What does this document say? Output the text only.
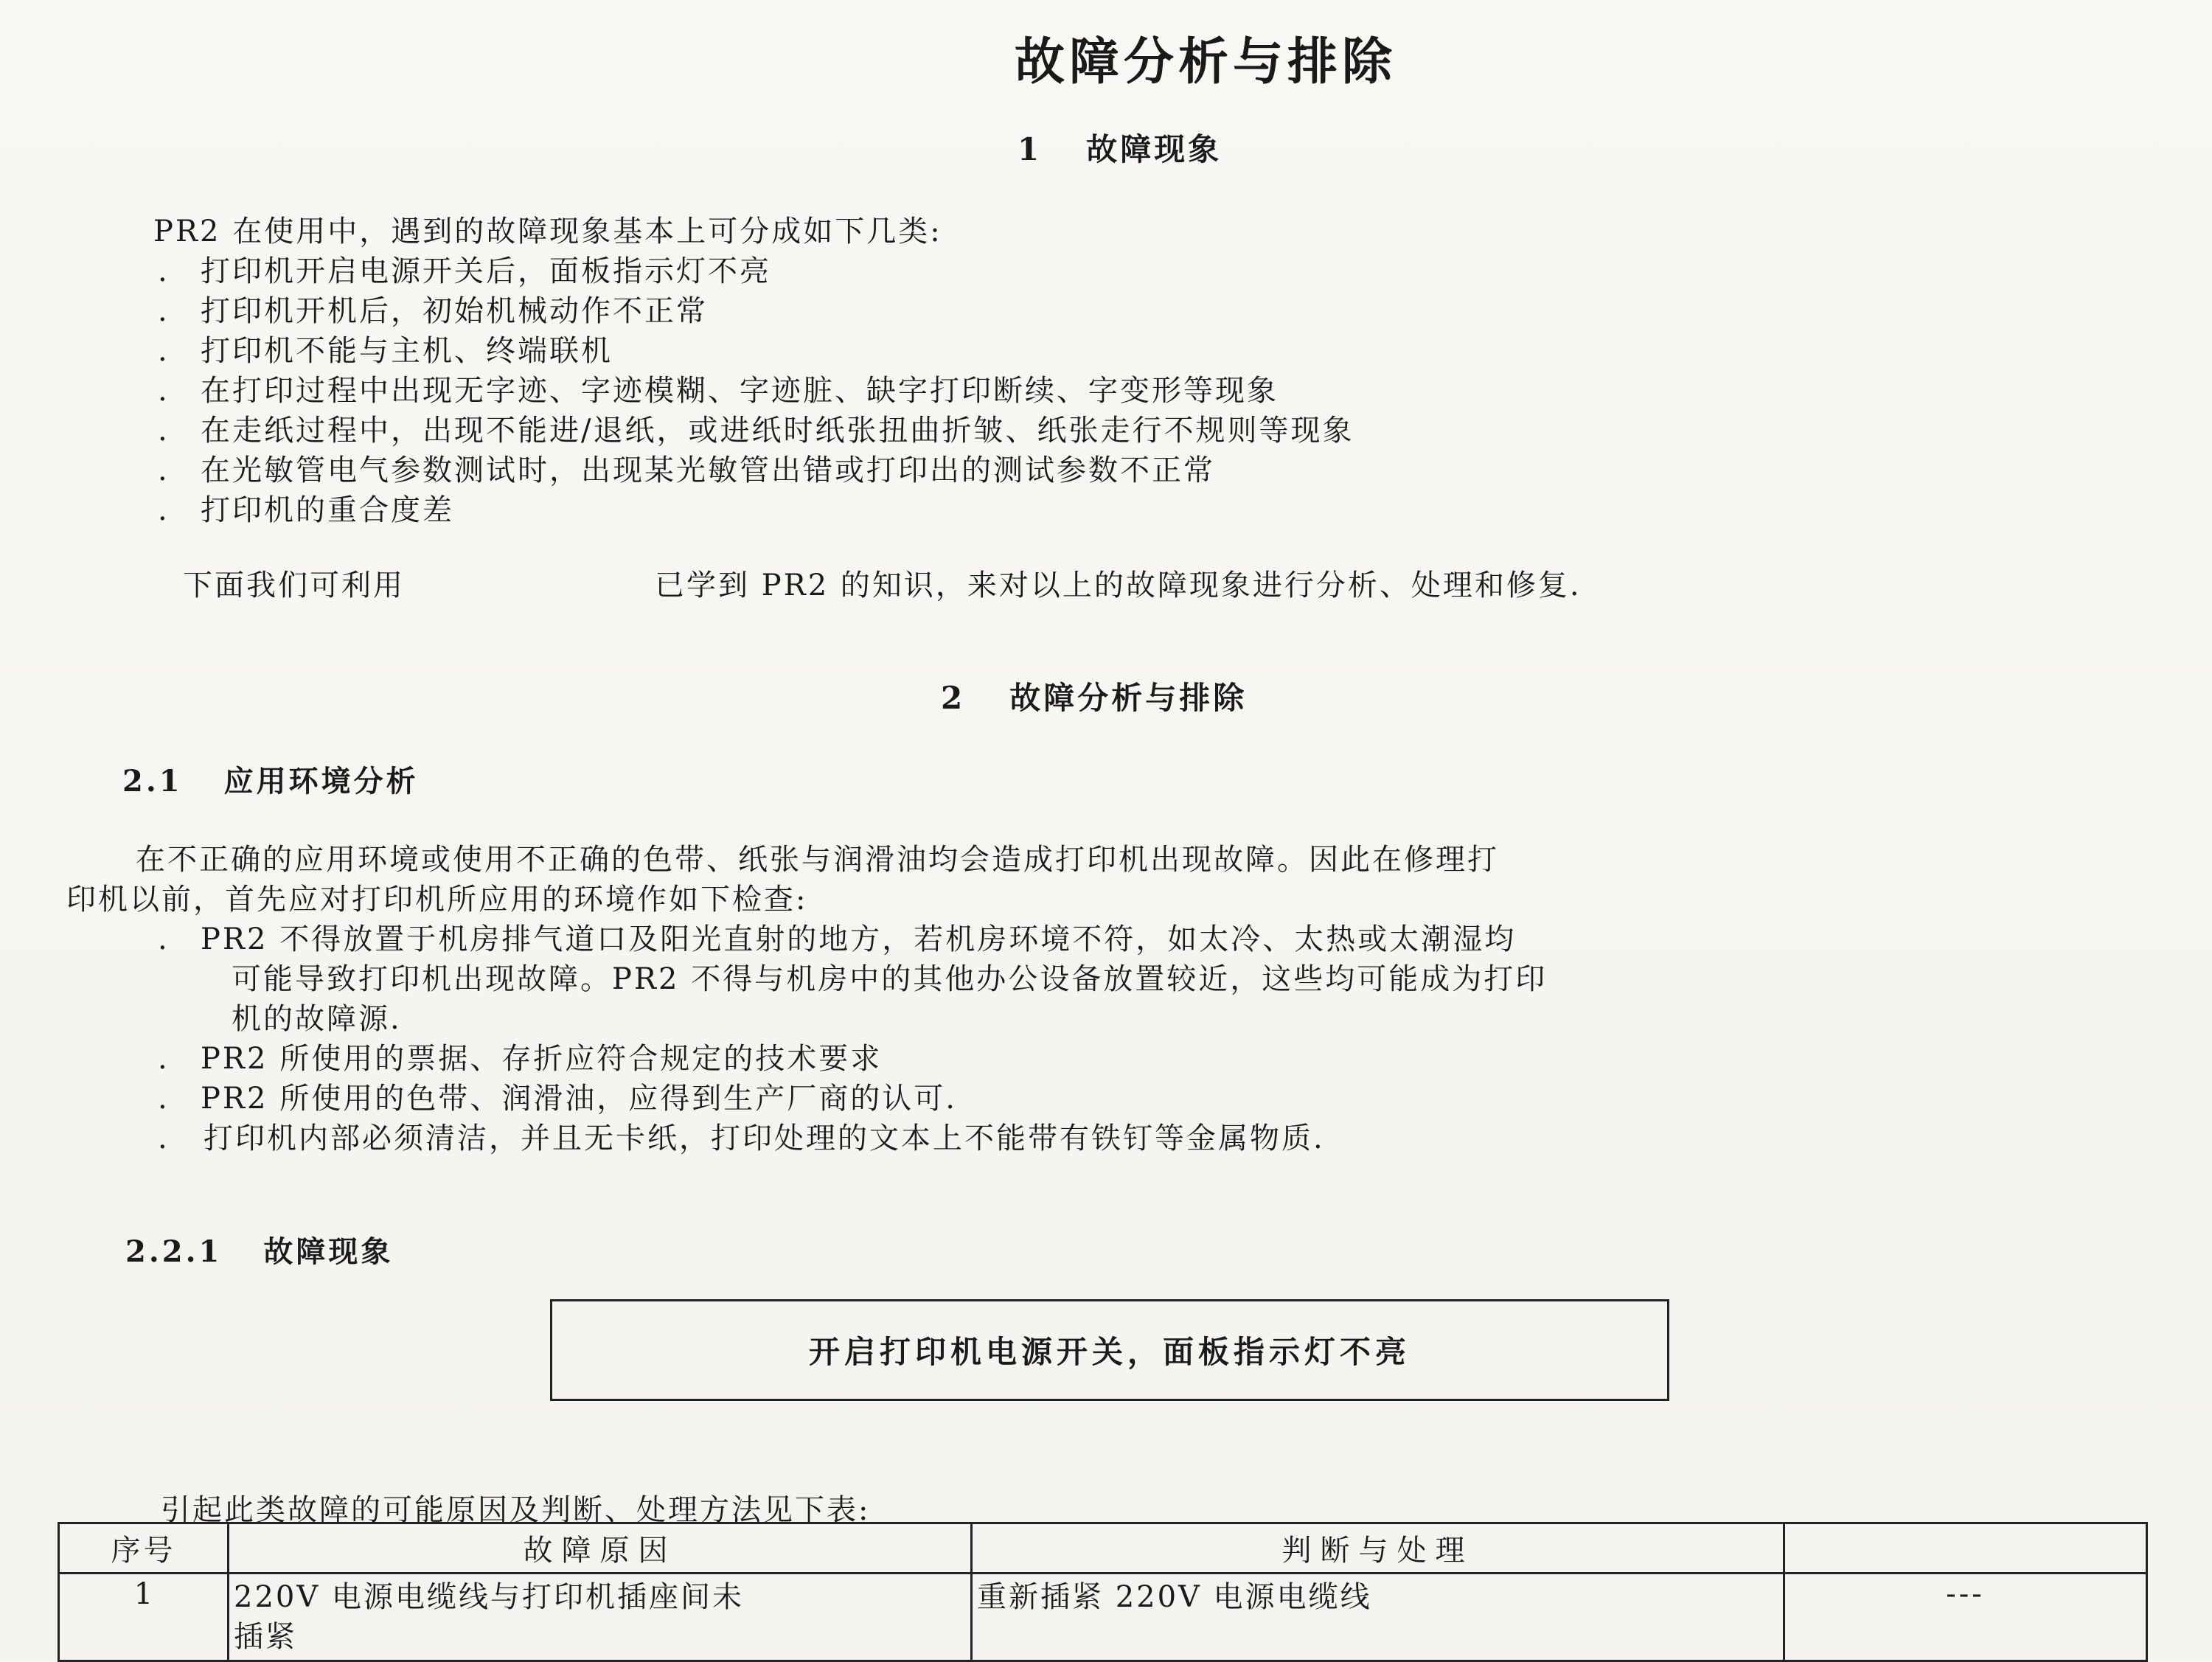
故障分析与排除
1 故障现象
PR2 在使用中，遇到的故障现象基本上可分成如下几类:
. 打印机开启电源开关后，面板指示灯不亮
. 打印机开机后，初始机械动作不正常
. 打印机不能与主机、终端联机
. 在打印过程中出现无字迹、字迹模糊、字迹脏、缺字打印断续、字变形等现象
. 在走纸过程中，出现不能进/退纸，或进纸时纸张扭曲折皱、纸张走行不规则等现象
. 在光敏管电气参数测试时，出现某光敏管出错或打印出的测试参数不正常
. 打印机的重合度差
下面我们可利用	已学到 PR2 的知识，来对以上的故障现象进行分析、处理和修复.
2 故障分析与排除
2.1 应用环境分析
在不正确的应用环境或使用不正确的色带、纸张与润滑油均会造成打印机出现故障。因此在修理打
印机以前，首先应对打印机所应用的环境作如下检查:
. PR2 不得放置于机房排气道口及阳光直射的地方，若机房环境不符，如太冷、太热或太潮湿均
可能导致打印机出现故障。PR2 不得与机房中的其他办公设备放置较近，这些均可能成为打印
机的故障源.
. PR2 所使用的票据、存折应符合规定的技术要求
. PR2 所使用的色带、润滑油，应得到生产厂商的认可.
. 打印机内部必须清洁，并且无卡纸，打印处理的文本上不能带有铁钉等金属物质.
2.2.1 故障现象
开启打印机电源开关，面板指示灯不亮
引起此类故障的可能原因及判断、处理方法见下表:
序号	故障原因	判断与处理	
1	220V 电源电缆线与打印机插座间未
插紧	重新插紧 220V 电源电缆线	---
